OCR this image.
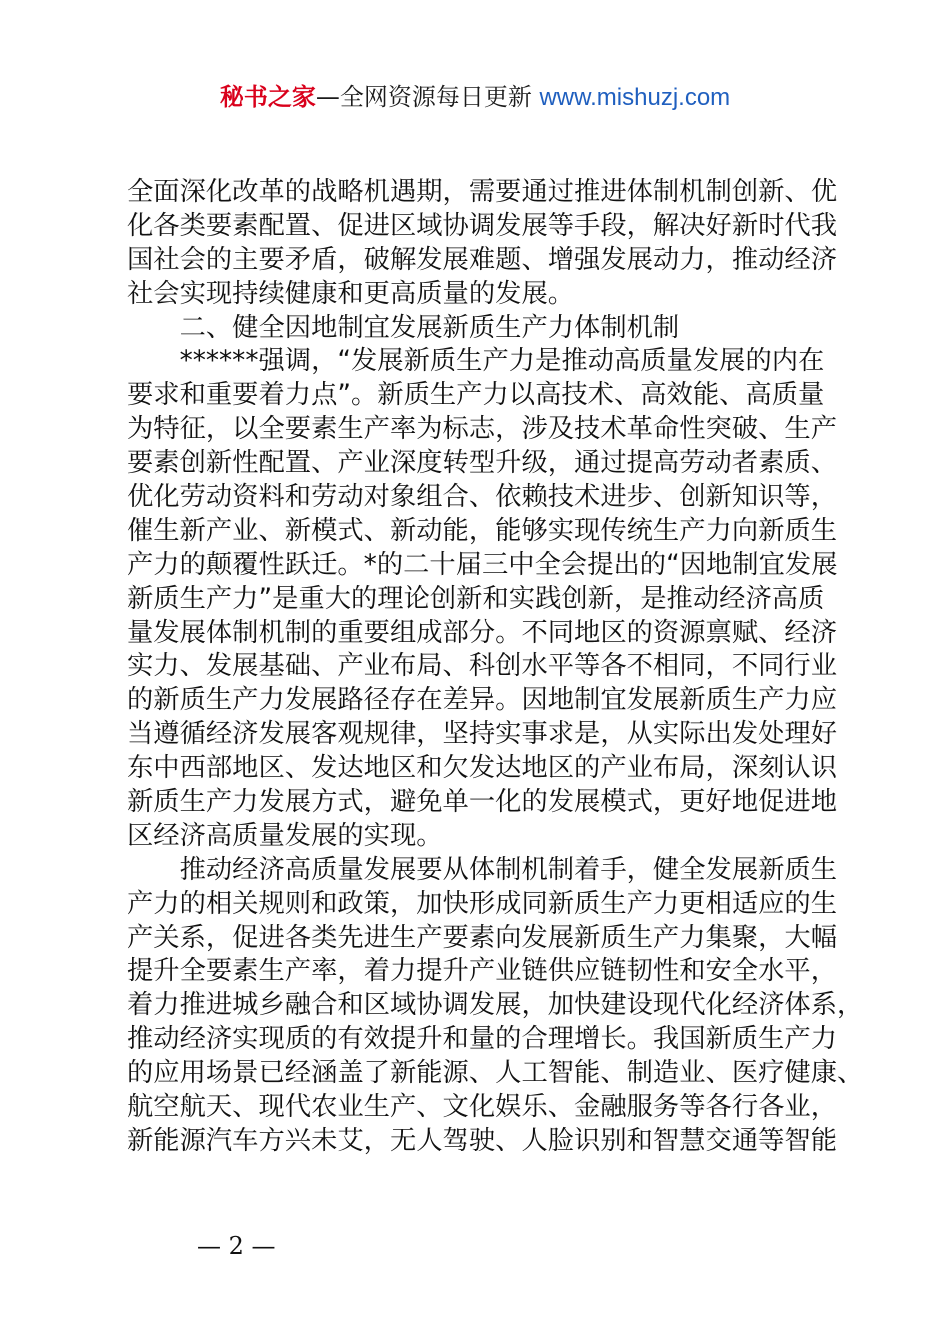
秘书之家—全网资源每日更新 www.mishuzj.com
全面深化改革的战略机遇期，需要通过推进体制机制创新、优
化各类要素配置、促进区域协调发展等手段，解决好新时代我
国社会的主要矛盾，破解发展难题、增强发展动力，推动经济
社会实现持续健康和更高质量的发展。
　　二、健全因地制宜发展新质生产力体制机制
　　******强调，“发展新质生产力是推动高质量发展的内在
要求和重要着力点”。新质生产力以高技术、高效能、高质量
为特征，以全要素生产率为标志，涉及技术革命性突破、生产
要素创新性配置、产业深度转型升级，通过提高劳动者素质、
优化劳动资料和劳动对象组合、依赖技术进步、创新知识等，
催生新产业、新模式、新动能，能够实现传统生产力向新质生
产力的颠覆性跃迁。*的二十届三中全会提出的“因地制宜发展
新质生产力”是重大的理论创新和实践创新，是推动经济高质
量发展体制机制的重要组成部分。不同地区的资源禀赋、经济
实力、发展基础、产业布局、科创水平等各不相同，不同行业
的新质生产力发展路径存在差异。因地制宜发展新质生产力应
当遵循经济发展客观规律，坚持实事求是，从实际出发处理好
东中西部地区、发达地区和欠发达地区的产业布局，深刻认识
新质生产力发展方式，避免单一化的发展模式，更好地促进地
区经济高质量发展的实现。
　　推动经济高质量发展要从体制机制着手，健全发展新质生
产力的相关规则和政策，加快形成同新质生产力更相适应的生
产关系，促进各类先进生产要素向发展新质生产力集聚，大幅
提升全要素生产率，着力提升产业链供应链韧性和安全水平，
着力推进城乡融合和区域协调发展，加快建设现代化经济体系，
推动经济实现质的有效提升和量的合理增长。我国新质生产力
的应用场景已经涵盖了新能源、人工智能、制造业、医疗健康、
航空航天、现代农业生产、文化娱乐、金融服务等各行各业，
新能源汽车方兴未艾，无人驾驶、人脸识别和智慧交通等智能
— 2 —
